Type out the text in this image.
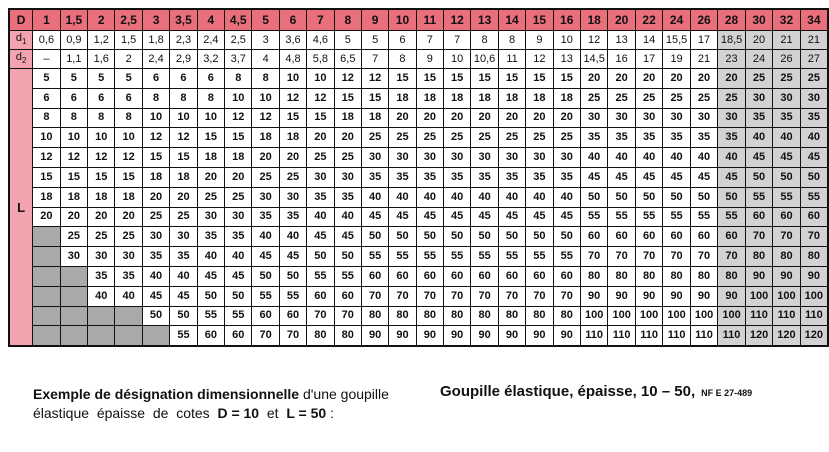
D	1	1,5	2	2,5	3	3,5	4	4,5	5	6	7	8	9	10	11	12	13	14	15	16	18	20	22	24	26	28	30	32	34
$d_1$	0,6	0,9	1,2	1,5	1,8	2,3	2,4	2,5	3	3,6	4,6	5	5	6	7	7	8	8	9	10	12	13	14	15,5	17	18,5	20	21	21
$d_2$	–	1,1	1,6	2	2,4	2,9	3,2	3,7	4	4,8	5,8	6,5	7	8	9	10	10,6	11	12	13	14,5	16	17	19	21	23	24	26	27
L	5	5	5	5	6	6	6	8	8	10	10	12	12	15	15	15	15	15	15	15	20	20	20	20	20	20	25	25	25
	6	6	6	6	8	8	8	10	10	12	12	15	15	18	18	18	18	18	18	18	25	25	25	25	25	25	30	30	30
	8	8	8	8	10	10	10	12	12	15	15	18	18	20	20	20	20	20	20	20	30	30	30	30	30	30	35	35	35
	10	10	10	10	12	12	15	15	18	18	20	20	25	25	25	25	25	25	25	25	35	35	35	35	35	35	40	40	40
	12	12	12	12	15	15	18	18	20	20	25	25	30	30	30	30	30	30	30	30	40	40	40	40	40	40	45	45	45
	15	15	15	15	18	18	20	20	25	25	30	30	35	35	35	35	35	35	35	35	45	45	45	45	45	45	50	50	50
	18	18	18	18	20	20	25	25	30	30	35	35	40	40	40	40	40	40	40	40	50	50	50	50	50	50	55	55	55
	20	20	20	20	25	25	30	30	35	35	40	40	45	45	45	45	45	45	45	45	55	55	55	55	55	55	60	60	60
		25	25	25	30	30	35	35	40	40	45	45	50	50	50	50	50	50	50	50	60	60	60	60	60	60	70	70	70
		30	30	30	35	35	40	40	45	45	50	50	55	55	55	55	55	55	55	55	70	70	70	70	70	70	80	80	80
			35	35	40	40	45	45	50	50	55	55	60	60	60	60	60	60	60	60	80	80	80	80	80	80	90	90	90
			40	40	45	45	50	50	55	55	60	60	70	70	70	70	70	70	70	70	90	90	90	90	90	90	100	100	100
					50	50	55	55	60	60	70	70	80	80	80	80	80	80	80	80	100	100	100	100	100	100	110	110	110
						55	60	60	70	70	80	80	90	90	90	90	90	90	90	90	110	110	110	110	110	110	120	120	120
Exemple de désignation dimensionnelle d'une goupille
élastique  épaisse  de  cotes  D = 10  et  L = 50 :
Goupille élastique, épaisse, 10 – 50, NF E 27-489
